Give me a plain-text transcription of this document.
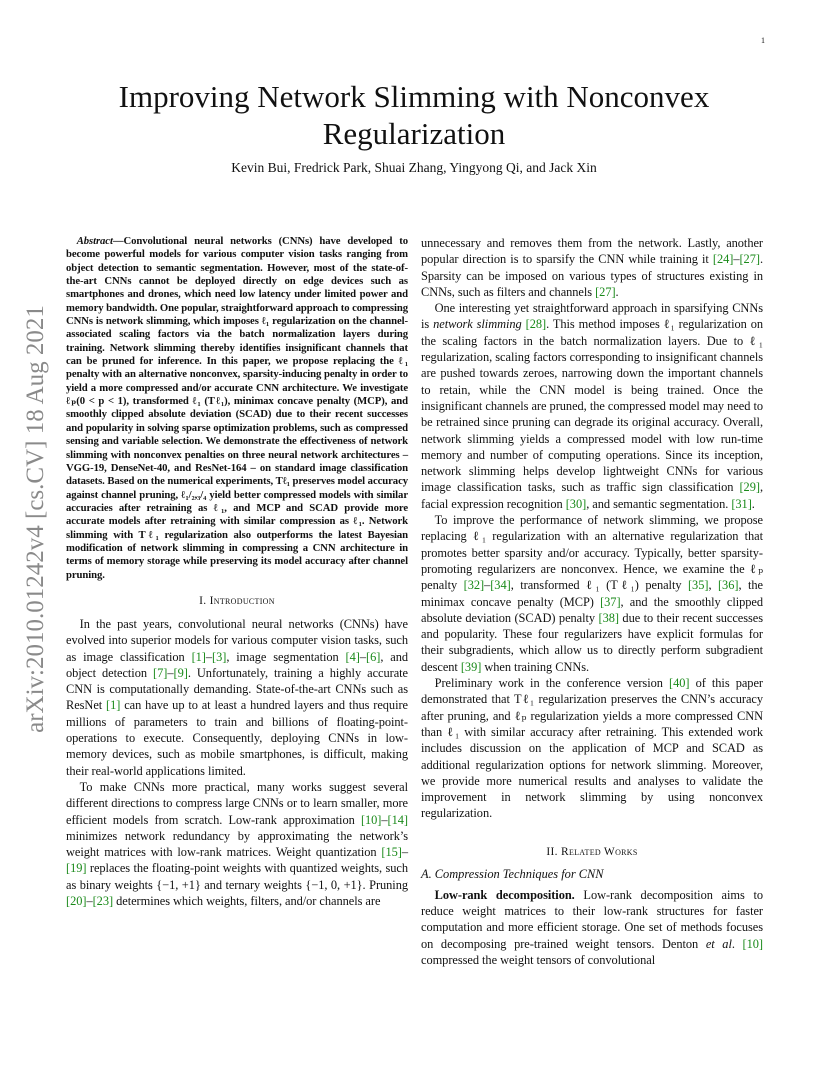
1
arXiv:2010.01242v4 [cs.CV] 18 Aug 2021
Improving Network Slimming with Nonconvex Regularization
Kevin Bui, Fredrick Park, Shuai Zhang, Yingyong Qi, and Jack Xin

Abstract—Convolutional neural networks (CNNs) have developed to become powerful models for various computer vision tasks ranging from object detection to semantic segmentation. However, most of the state-of-the-art CNNs cannot be deployed directly on edge devices such as smartphones and drones, which need low latency under limited power and memory bandwidth. One popular, straightforward approach to compressing CNNs is network slimming, which imposes ℓ₁ regularization on the channel-associated scaling factors via the batch normalization layers during training. Network slimming thereby identifies insignificant channels that can be pruned for inference. In this paper, we propose replacing the ℓ₁ penalty with an alternative nonconvex, sparsity-inducing penalty in order to yield a more compressed and/or accurate CNN architecture. We investigate ℓₚ(0 < p < 1), transformed ℓ₁ (Tℓ₁), minimax concave penalty (MCP), and smoothly clipped absolute deviation (SCAD) due to their recent successes and popularity in solving sparse optimization problems, such as compressed sensing and variable selection. We demonstrate the effectiveness of network slimming with nonconvex penalties on three neural network architectures – VGG-19, DenseNet-40, and ResNet-164 – on standard image classification datasets. Based on the numerical experiments, Tℓ₁ preserves model accuracy against channel pruning, ℓ₁/₂,₃/₄ yield better compressed models with similar accuracies after retraining as ℓ₁, and MCP and SCAD provide more accurate models after retraining with similar compression as ℓ₁. Network slimming with Tℓ₁ regularization also outperforms the latest Bayesian modification of network slimming in compressing a CNN architecture in terms of memory storage while preserving its model accuracy after channel pruning.

I. Introduction

In the past years, convolutional neural networks (CNNs) have evolved into superior models for various computer vision tasks, such as image classification [1]–[3], image segmentation [4]–[6], and object detection [7]–[9]. Unfortunately, training a highly accurate CNN is computationally demanding. State-of-the-art CNNs such as ResNet [1] can have up to at least a hundred layers and thus require millions of parameters to train and billions of floating-point-operations to execute. Consequently, deploying CNNs in low-memory devices, such as mobile smartphones, is difficult, making their real-world applications limited.

To make CNNs more practical, many works suggest several different directions to compress large CNNs or to learn smaller, more efficient models from scratch. Low-rank approximation [10]–[14] minimizes network redundancy by approximating the network’s weight matrices with low-rank matrices. Weight quantization [15]–[19] replaces the floating-point weights with quantized weights, such as binary weights {−1, +1} and ternary weights {−1, 0, +1}. Pruning [20]–[23] determines which weights, filters, and/or channels are

unnecessary and removes them from the network. Lastly, another popular direction is to sparsify the CNN while training it [24]–[27]. Sparsity can be imposed on various types of structures existing in CNNs, such as filters and channels [27].

One interesting yet straightforward approach in sparsifying CNNs is network slimming [28]. This method imposes ℓ₁ regularization on the scaling factors in the batch normalization layers. Due to ℓ₁ regularization, scaling factors corresponding to insignificant channels are pushed towards zeroes, narrowing down the important channels to retain, while the CNN model is being trained. Once the insignificant channels are pruned, the compressed model may need to be retrained since pruning can degrade its original accuracy. Overall, network slimming yields a compressed model with low run-time memory and number of computing operations. Since its inception, network slimming helps develop lightweight CNNs for various image classification tasks, such as traffic sign classification [29], facial expression recognition [30], and semantic segmentation. [31].

To improve the performance of network slimming, we propose replacing ℓ₁ regularization with an alternative regularization that promotes better sparsity and/or accuracy. Typically, better sparsity-promoting regularizers are nonconvex. Hence, we examine the ℓₚ penalty [32]–[34], transformed ℓ₁ (Tℓ₁) penalty [35], [36], the minimax concave penalty (MCP) [37], and the smoothly clipped absolute deviation (SCAD) penalty [38] due to their recent successes and popularity. These four regularizers have explicit formulas for their subgradients, which allow us to directly perform subgradient descent [39] when training CNNs.

Preliminary work in the conference version [40] of this paper demonstrated that Tℓ₁ regularization preserves the CNN’s accuracy after pruning, and ℓₚ regularization yields a more compressed CNN than ℓ₁ with similar accuracy after retraining. This extended work includes discussion on the application of MCP and SCAD as additional regularization options for network slimming. Moreover, we provide more numerical results and analyses to validate the improvement in network slimming by using nonconvex regularization.

II. Related Works
A. Compression Techniques for CNN

Low-rank decomposition. Low-rank decomposition aims to reduce weight matrices to their low-rank structures for faster computation and more efficient storage. One set of methods focuses on decomposing pre-trained weight tensors. Denton et al. [10] compressed the weight tensors of convolutional
